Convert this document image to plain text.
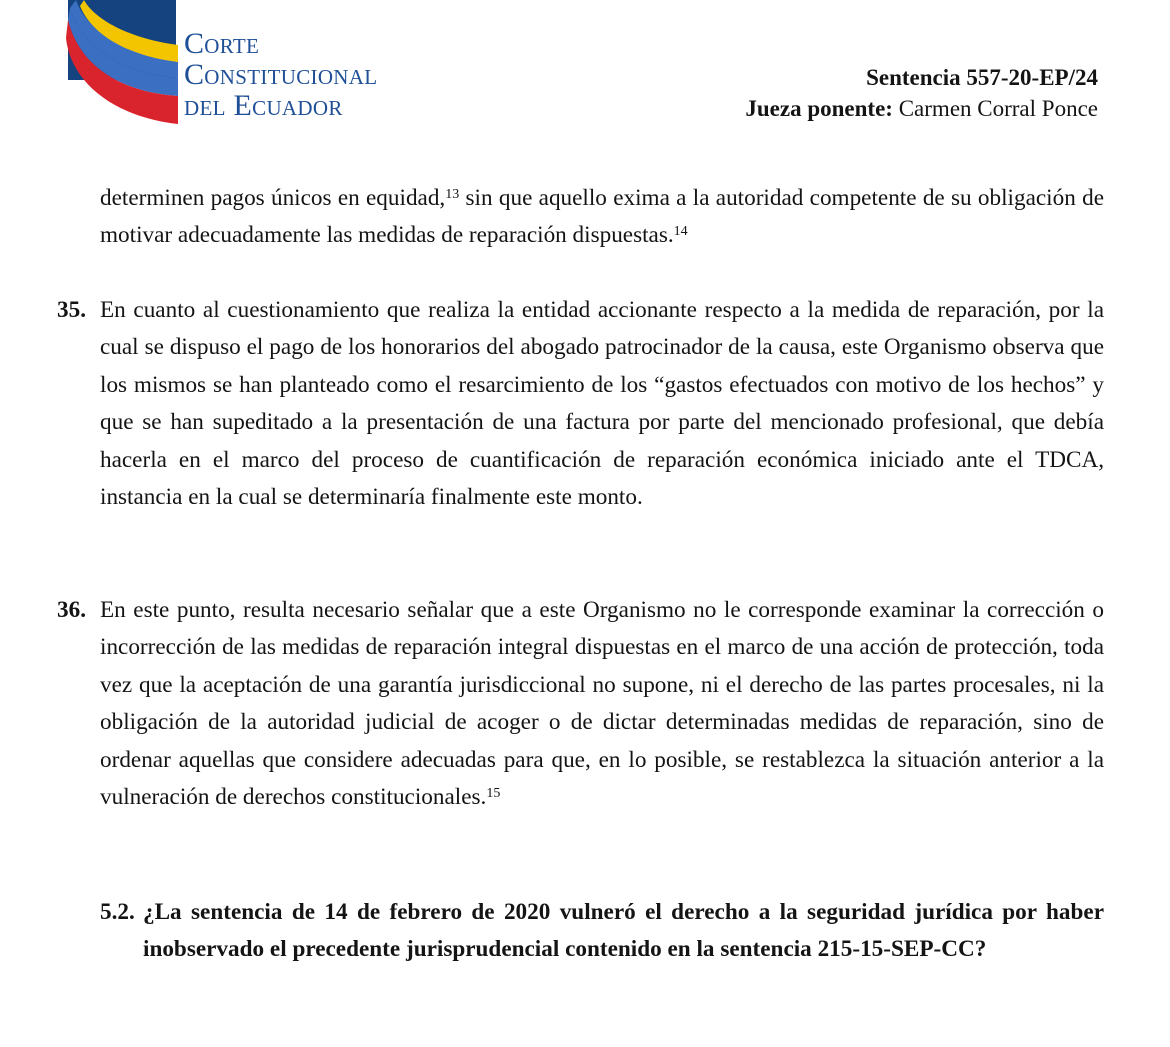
Corte
Constitucional
del Ecuador
Sentencia 557-20-EP/24
Jueza ponente: Carmen Corral Ponce
determinen pagos únicos en equidad,$^{13}$ sin que aquello exima a la autoridad competente de su obligación de motivar adecuadamente las medidas de reparación dispuestas.$^{14}$
35. En cuanto al cuestionamiento que realiza la entidad accionante respecto a la medida de reparación, por la cual se dispuso el pago de los honorarios del abogado patrocinador de la causa, este Organismo observa que los mismos se han planteado como el resarcimiento de los “gastos efectuados con motivo de los hechos” y que se han supeditado a la presentación de una factura por parte del mencionado profesional, que debía hacerla en el marco del proceso de cuantificación de reparación económica iniciado ante el TDCA, instancia en la cual se determinaría finalmente este monto.
36. En este punto, resulta necesario señalar que a este Organismo no le corresponde examinar la corrección o incorrección de las medidas de reparación integral dispuestas en el marco de una acción de protección, toda vez que la aceptación de una garantía jurisdiccional no supone, ni el derecho de las partes procesales, ni la obligación de la autoridad judicial de acoger o de dictar determinadas medidas de reparación, sino de ordenar aquellas que considere adecuadas para que, en lo posible, se restablezca la situación anterior a la vulneración de derechos constitucionales.$^{15}$
5.2. ¿La sentencia de 14 de febrero de 2020 vulneró el derecho a la seguridad jurídica por haber inobservado el precedente jurisprudencial contenido en la sentencia 215-15-SEP-CC?
